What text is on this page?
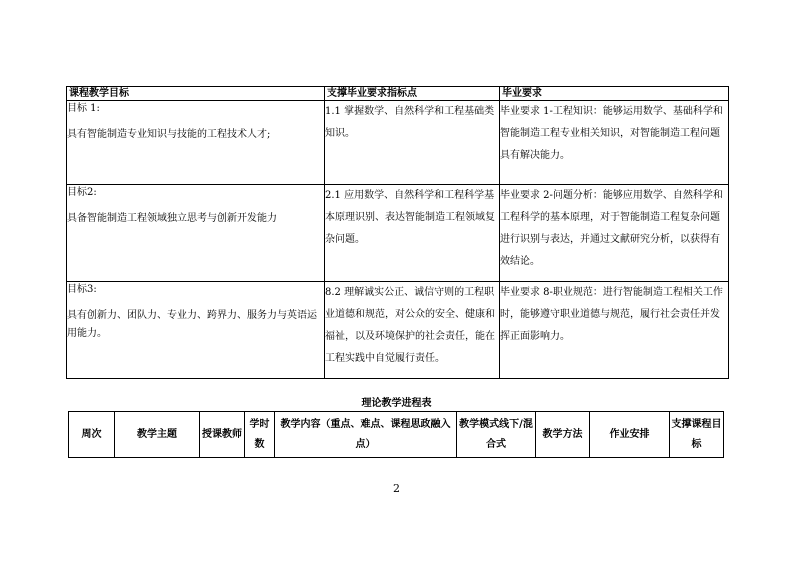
课程教学目标	支撑毕业要求指标点	毕业要求

目标 1:
具有智能制造专业知识与技能的工程技术人才;	1.1 掌握数学、自然科学和工程基础类知识。	毕业要求 1-工程知识：能够运用数学、基础科学和智能制造工程专业相关知识，对智能制造工程问题具有解决能力。

目标2:
具备智能制造工程领域独立思考与创新开发能力	2.1 应用数学、自然科学和工程科学基本原理识别、表达智能制造工程领域复杂问题。	毕业要求 2-问题分析：能够应用数学、自然科学和工程科学的基本原理，对于智能制造工程复杂问题进行识别与表达，并通过文献研究分析，以获得有效结论。

目标3:
具有创新力、团队力、专业力、跨界力、服务力与英语运用能力。	8.2 理解诚实公正、诚信守则的工程职业道德和规范，对公众的安全、健康和福祉，以及环境保护的社会责任，能在工程实践中自觉履行责任。	毕业要求 8-职业规范：进行智能制造工程相关工作时，能够遵守职业道德与规范，履行社会责任并发挥正面影响力。
理论教学进程表
周次	教学主题	授课教师	学时数	教学内容（重点、难点、课程思政融入点）	教学模式线下/混合式	教学方法	作业安排	支撑课程目标
2
